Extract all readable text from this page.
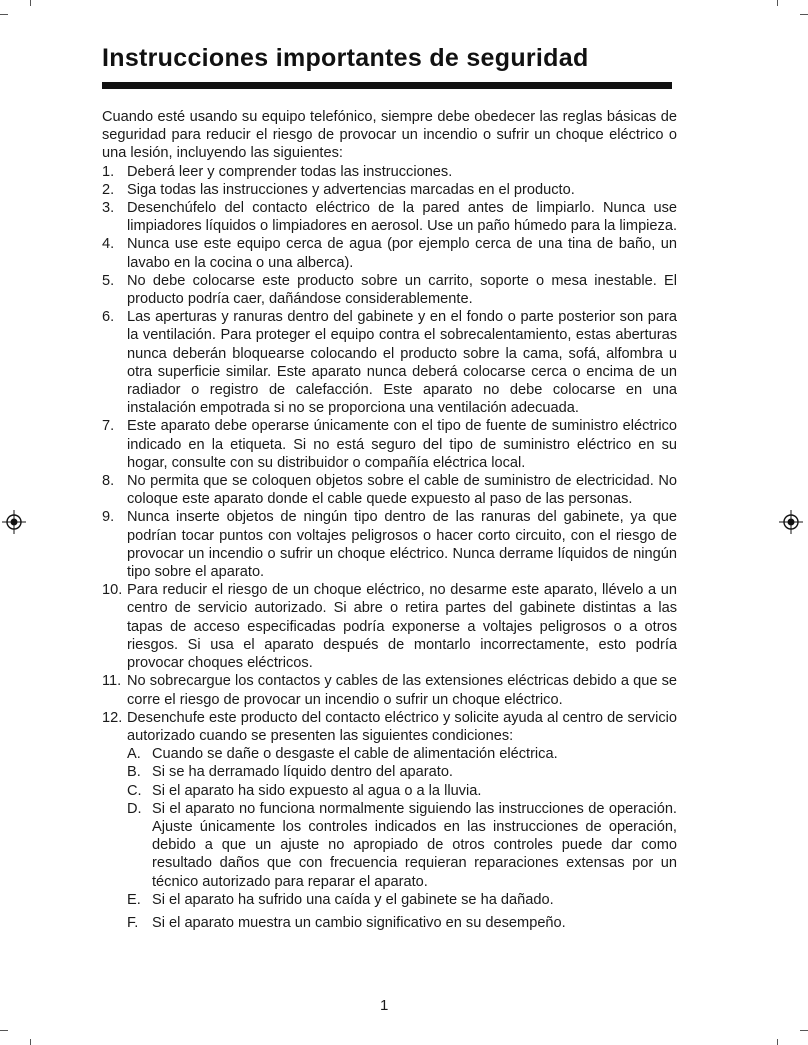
Instrucciones importantes de seguridad

Cuando esté usando su equipo telefónico, siempre debe obedecer las reglas básicas de seguridad para reducir el riesgo de provocar un incendio o sufrir un choque eléctrico o una lesión, incluyendo las siguientes:

1. Deberá leer y comprender todas las instrucciones.
2. Siga todas las instrucciones y advertencias marcadas en el producto.
3. Desenchúfelo del contacto eléctrico de la pared antes de limpiarlo. Nunca use limpiadores líquidos o limpiadores en aerosol. Use un paño húmedo para la limpieza.
4. Nunca use este equipo cerca de agua (por ejemplo cerca de una tina de baño, un lavabo en la cocina o una alberca).
5. No debe colocarse este producto sobre un carrito, soporte o mesa inestable. El producto podría caer, dañándose considerablemente.
6. Las aperturas y ranuras dentro del gabinete y en el fondo o parte posterior son para la ventilación. Para proteger el equipo contra el sobrecalentamiento, estas aberturas nunca deberán bloquearse colocando el producto sobre la cama, sofá, alfombra u otra superficie similar. Este aparato nunca deberá colocarse cerca o encima de un radiador o registro de calefacción. Este aparato no debe colocarse en una instalación empotrada si no se proporciona una ventilación adecuada.
7. Este aparato debe operarse únicamente con el tipo de fuente de suministro eléctrico indicado en la etiqueta. Si no está seguro del tipo de suministro eléctrico en su hogar, consulte con su distribuidor o compañía eléctrica local.
8. No permita que se coloquen objetos sobre el cable de suministro de electricidad. No coloque este aparato donde el cable quede expuesto al paso de las personas.
9. Nunca inserte objetos de ningún tipo dentro de las ranuras del gabinete, ya que podrían tocar puntos con voltajes peligrosos o hacer corto circuito, con el riesgo de provocar un incendio o sufrir un choque eléctrico. Nunca derrame líquidos de ningún tipo sobre el aparato.
10. Para reducir el riesgo de un choque eléctrico, no desarme este aparato, llévelo a un centro de servicio autorizado. Si abre o retira partes del gabinete distintas a las tapas de acceso especificadas podría exponerse a voltajes peligrosos o a otros riesgos. Si usa el aparato después de montarlo incorrectamente, esto podría provocar choques eléctricos.
11. No sobrecargue los contactos y cables de las extensiones eléctricas debido a que se corre el riesgo de provocar un incendio o sufrir un choque eléctrico.
12. Desenchufe este producto del contacto eléctrico y solicite ayuda al centro de servicio autorizado cuando se presenten las siguientes condiciones:
A. Cuando se dañe o desgaste el cable de alimentación eléctrica.
B. Si se ha derramado líquido dentro del aparato.
C. Si el aparato ha sido expuesto al agua o a la lluvia.
D. Si el aparato no funciona normalmente siguiendo las instrucciones de operación. Ajuste únicamente los controles indicados en las instrucciones de operación, debido a que un ajuste no apropiado de otros controles puede dar como resultado daños que con frecuencia requieran reparaciones extensas por un técnico autorizado para reparar el aparato.
E. Si el aparato ha sufrido una caída y el gabinete se ha dañado.
F. Si el aparato muestra un cambio significativo en su desempeño.
1
